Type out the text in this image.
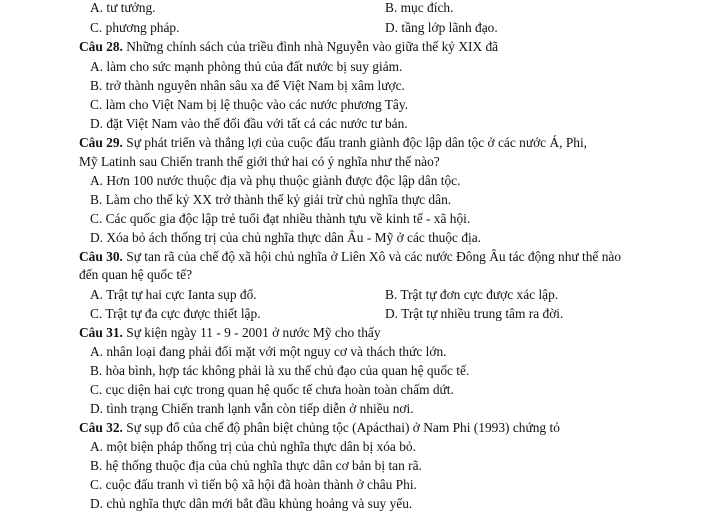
A. tư tưởng.	B. mục đích.
C. phương pháp.	D. tầng lớp lãnh đạo.
Câu 28. Những chính sách của triều đình nhà Nguyễn vào giữa thế kỷ XIX đã
A. làm cho sức mạnh phòng thủ của đất nước bị suy giảm.
B. trở thành nguyên nhân sâu xa để Việt Nam bị xâm lược.
C. làm cho Việt Nam bị lệ thuộc vào các nước phương Tây.
D. đặt Việt Nam vào thế đối đầu với tất cả các nước tư bản.
Câu 29. Sự phát triển và thắng lợi của cuộc đấu tranh giành độc lập dân tộc ở các nước Á, Phi,
Mỹ Latinh sau Chiến tranh thế giới thứ hai có ý nghĩa như thế nào?
A. Hơn 100 nước thuộc địa và phụ thuộc giành được độc lập dân tộc.
B. Làm cho thế kỷ XX trở thành thế kỷ giải trừ chủ nghĩa thực dân.
C. Các quốc gia độc lập trẻ tuổi đạt nhiều thành tựu về kinh tế - xã hội.
D. Xóa bỏ ách thống trị của chủ nghĩa thực dân Âu - Mỹ ở các thuộc địa.
Câu 30. Sự tan rã của chế độ xã hội chủ nghĩa ở Liên Xô và các nước Đông Âu tác động như thế nào
đến quan hệ quốc tế?
A. Trật tự hai cực Ianta sụp đổ.	B. Trật tự đơn cực được xác lập.
C. Trật tự đa cực được thiết lập.	D. Trật tự nhiều trung tâm ra đời.
Câu 31. Sự kiện ngày 11 - 9 - 2001 ở nước Mỹ cho thấy
A. nhân loại đang phải đối mặt với một nguy cơ và thách thức lớn.
B. hòa bình, hợp tác không phải là xu thế chủ đạo của quan hệ quốc tế.
C. cục diện hai cực trong quan hệ quốc tế chưa hoàn toàn chấm dứt.
D. tình trạng Chiến tranh lạnh vẫn còn tiếp diễn ở nhiều nơi.
Câu 32. Sự sụp đổ của chế độ phân biệt chủng tộc (Apácthai) ở Nam Phi (1993) chứng tỏ
A. một biện pháp thống trị của chủ nghĩa thực dân bị xóa bỏ.
B. hệ thống thuộc địa của chủ nghĩa thực dân cơ bản bị tan rã.
C. cuộc đấu tranh vì tiến bộ xã hội đã hoàn thành ở châu Phi.
D. chủ nghĩa thực dân mới bắt đầu khủng hoảng và suy yếu.
